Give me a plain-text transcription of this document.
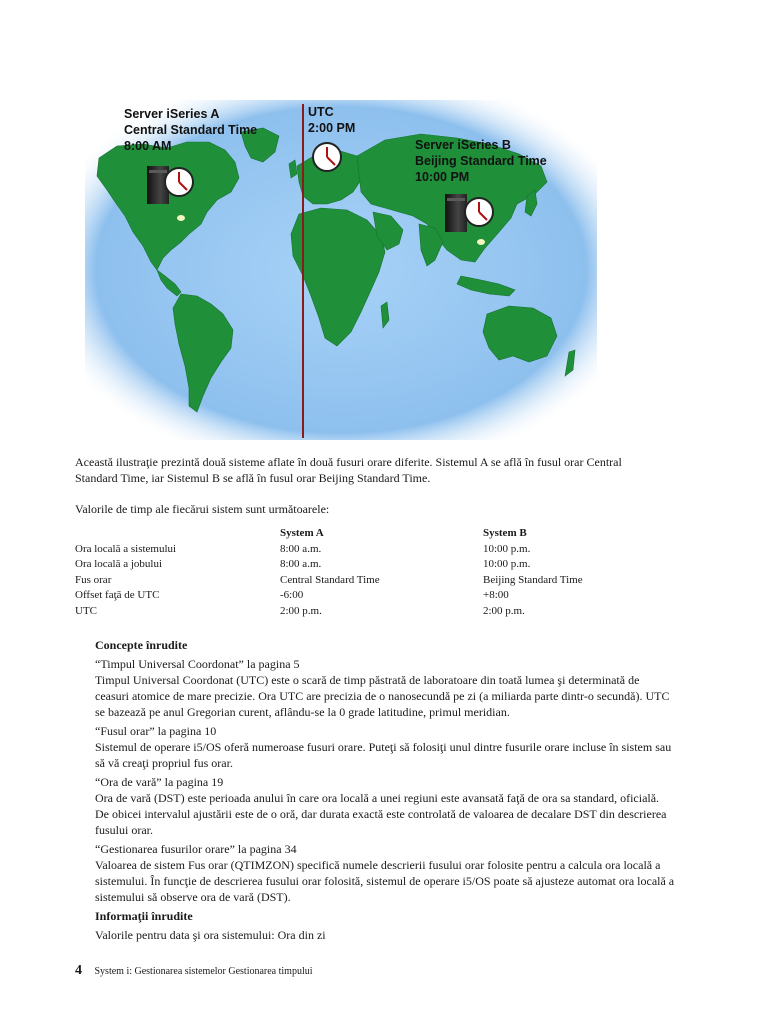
Server iSeries A
Central Standard Time
8:00 AM
UTC
2:00 PM
Server iSeries B
Beijing Standard Time
10:00 PM

Această ilustraţie prezintă două sisteme aflate în două fusuri orare diferite. Sistemul A se află în fusul orar Central Standard Time, iar Sistemul B se află în fusul orar Beijing Standard Time.

Valorile de timp ale fiecărui sistem sunt următoarele:

	System A	System B
Ora locală a sistemului	8:00 a.m.	10:00 p.m.
Ora locală a jobului	8:00 a.m.	10:00 p.m.
Fus orar	Central Standard Time	Beijing Standard Time
Offset faţă de UTC	-6:00	+8:00
UTC	2:00 p.m.	2:00 p.m.
Concepte înrudite

“Timpul Universal Coordonat” la pagina 5

Timpul Universal Coordonat (UTC) este o scară de timp păstrată de laboratoare din toată lumea şi determinată de ceasuri atomice de mare precizie. Ora UTC are precizia de o nanosecundă pe zi (a miliarda parte dintr-o secundă). UTC se bazează pe anul Gregorian curent, aflându-se la 0 grade latitudine, primul meridian.

“Fusul orar” la pagina 10

Sistemul de operare i5/OS oferă numeroase fusuri orare. Puteţi să folosiţi unul dintre fusurile orare incluse în sistem sau să vă creaţi propriul fus orar.

“Ora de vară” la pagina 19

Ora de vară (DST) este perioada anului în care ora locală a unei regiuni este avansată faţă de ora sa standard, oficială. De obicei intervalul ajustării este de o oră, dar durata exactă este controlată de valoarea de decalare DST din descrierea fusului orar.

“Gestionarea fusurilor orare” la pagina 34

Valoarea de sistem Fus orar (QTIMZON) specifică numele descrierii fusului orar folosite pentru a calcula ora locală a sistemului. În funcţie de descrierea fusului orar folosită, sistemul de operare i5/OS poate să ajusteze automat ora locală a sistemului să observe ora de vară (DST).

Informaţii înrudite

Valorile pentru data şi ora sistemului: Ora din zi

4 System i: Gestionarea sistemelor Gestionarea timpului
